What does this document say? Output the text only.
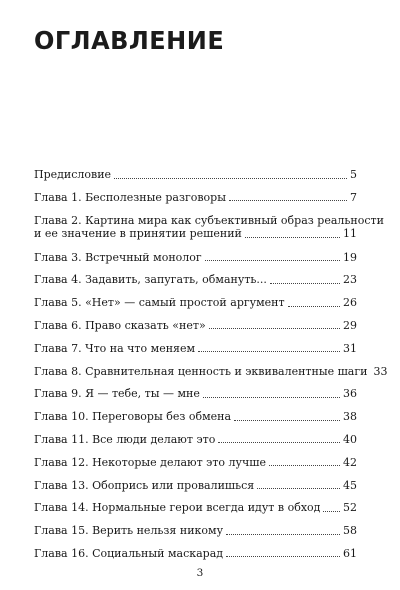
ОГЛАВЛЕНИЕ
Предисловие	5
Глава 1. Бесполезные разговоры	7
Глава 2. Картина мира как субъективный образ реальности
и ее значение в принятии решений	11
Глава 3. Встречный монолог	19
Глава 4. Задавить, запугать, обмануть...	23
Глава 5. «Нет» — самый простой аргумент	26
Глава 6. Право сказать «нет»	29
Глава 7. Что на что меняем	31
Глава 8. Сравнительная ценность и эквивалентные шаги 33
Глава 9. Я — тебе, ты — мне	36
Глава 10. Переговоры без обмена	38
Глава 11. Все люди делают это	40
Глава 12. Некоторые делают это лучше	42
Глава 13. Обопрись или провалишься	45
Глава 14. Нормальные герои всегда идут в обход 52
Глава 15. Верить нельзя никому	58
Глава 16. Социальный маскарад	61
3
